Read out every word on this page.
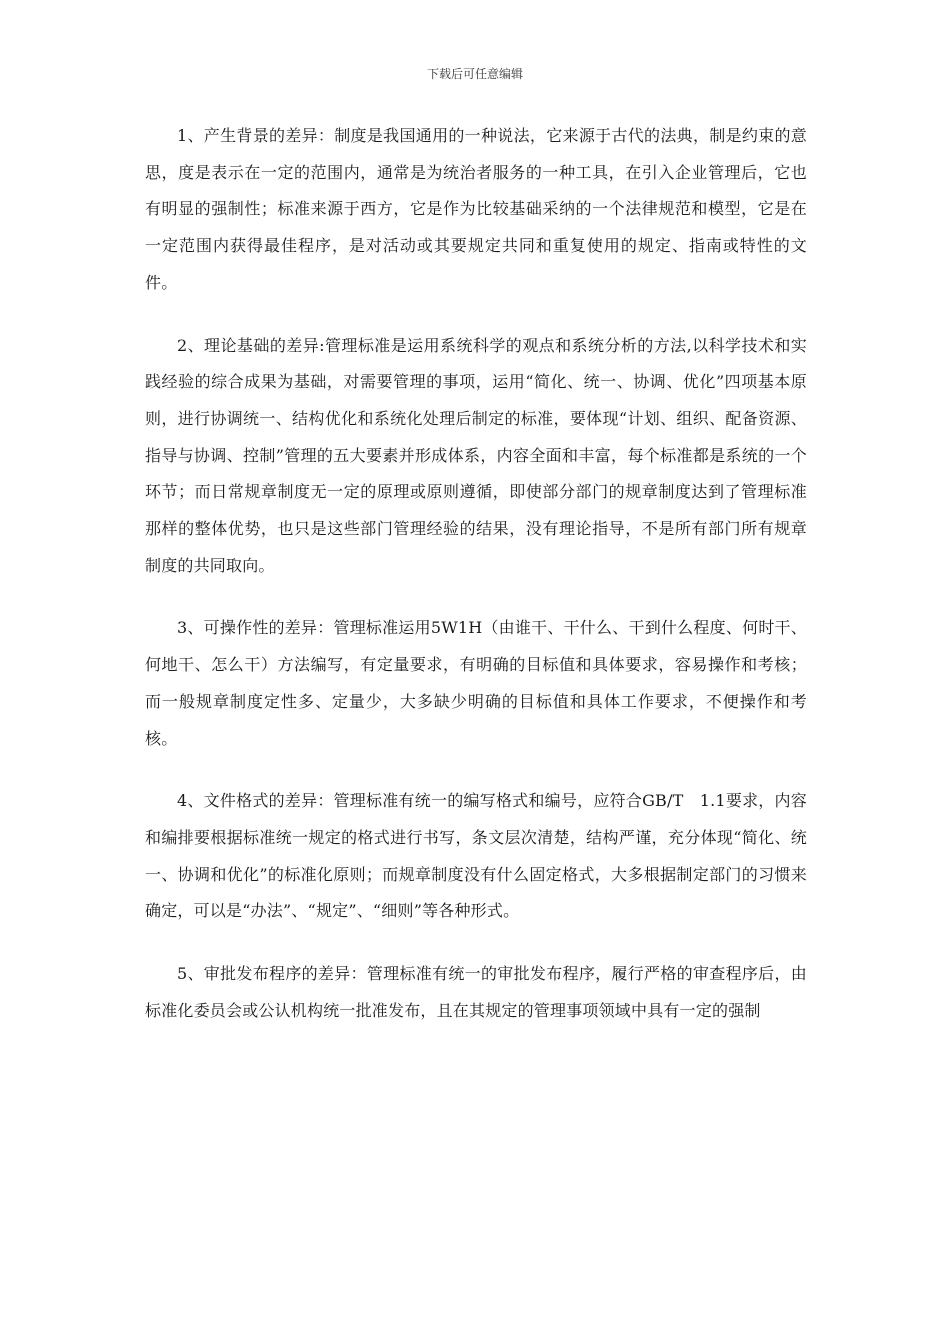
下载后可任意编辑

1、产生背景的差异：制度是我国通用的一种说法，它来源于古代的法典，制是约束的意思，度是表示在一定的范围内，通常是为统治者服务的一种工具，在引入企业管理后，它也有明显的强制性；标准来源于西方，它是作为比较基础采纳的一个法律规范和模型，它是在一定范围内获得最佳程序，是对活动或其要规定共同和重复使用的规定、指南或特性的文件。

2、理论基础的差异:管理标准是运用系统科学的观点和系统分析的方法,以科学技术和实践经验的综合成果为基础，对需要管理的事项，运用“简化、统一、协调、优化”四项基本原则，进行协调统一、结构优化和系统化处理后制定的标准，要体现“计划、组织、配备资源、指导与协调、控制”管理的五大要素并形成体系，内容全面和丰富，每个标准都是系统的一个环节；而日常规章制度无一定的原理或原则遵循，即使部分部门的规章制度达到了管理标准那样的整体优势，也只是这些部门管理经验的结果，没有理论指导，不是所有部门所有规章制度的共同取向。

3、可操作性的差异：管理标准运用5W1H（由谁干、干什么、干到什么程度、何时干、何地干、怎么干）方法编写，有定量要求，有明确的目标值和具体要求，容易操作和考核；而一般规章制度定性多、定量少，大多缺少明确的目标值和具体工作要求，不便操作和考核。

4、文件格式的差异：管理标准有统一的编写格式和编号，应符合GB/T　1.1要求，内容和编排要根据标准统一规定的格式进行书写，条文层次清楚，结构严谨，充分体现“简化、统一、协调和优化”的标准化原则；而规章制度没有什么固定格式，大多根据制定部门的习惯来确定，可以是“办法”、“规定”、“细则”等各种形式。

5、审批发布程序的差异：管理标准有统一的审批发布程序，履行严格的审查程序后，由标准化委员会或公认机构统一批准发布，且在其规定的管理事项领域中具有一定的强制
